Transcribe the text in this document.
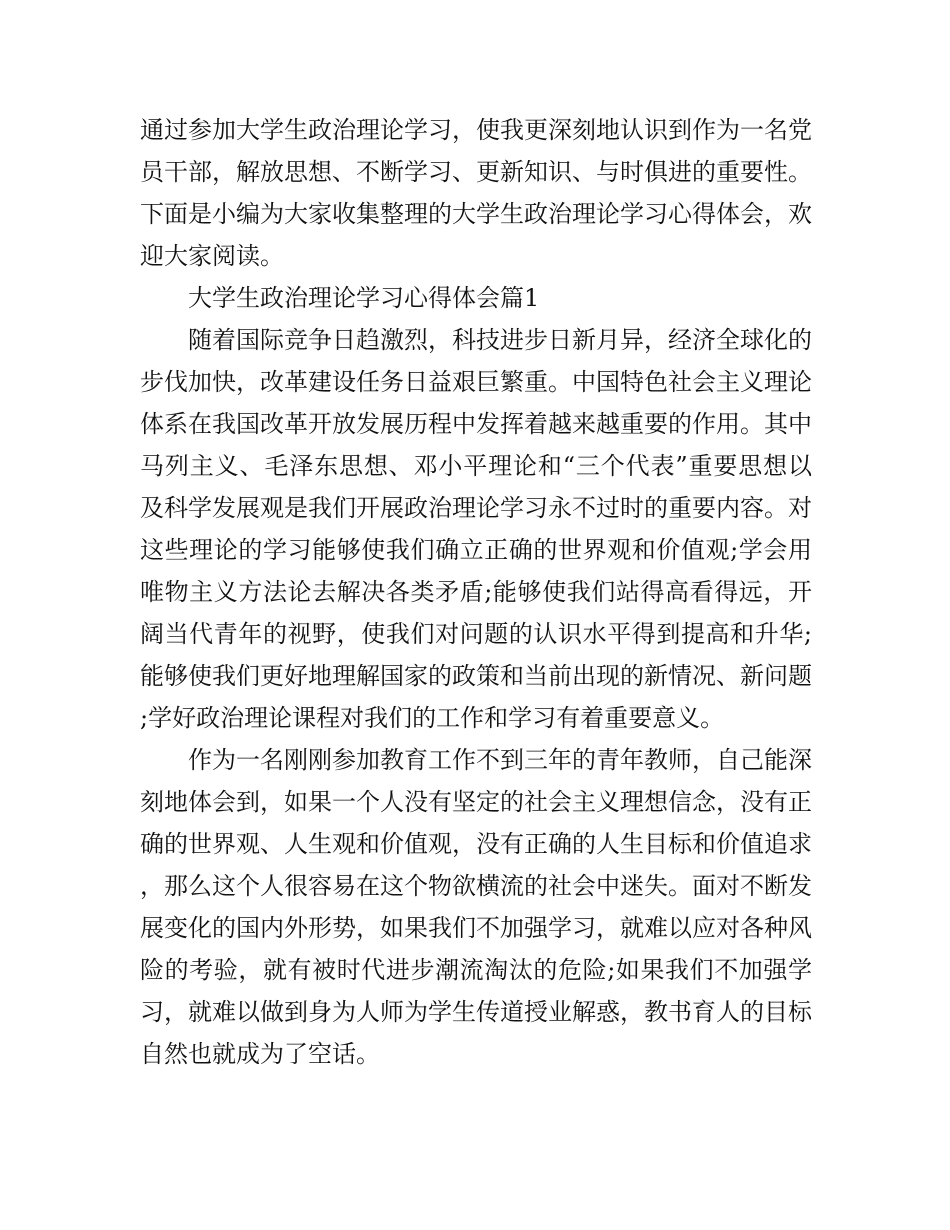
通过参加大学生政治理论学习，使我更深刻地认识到作为一名党员干部，解放思想、不断学习、更新知识、与时俱进的重要性。下面是小编为大家收集整理的大学生政治理论学习心得体会，欢迎大家阅读。

大学生政治理论学习心得体会篇1

随着国际竞争日趋激烈，科技进步日新月异，经济全球化的步伐加快，改革建设任务日益艰巨繁重。中国特色社会主义理论体系在我国改革开放发展历程中发挥着越来越重要的作用。其中马列主义、毛泽东思想、邓小平理论和“三个代表”重要思想以及科学发展观是我们开展政治理论学习永不过时的重要内容。对这些理论的学习能够使我们确立正确的世界观和价值观;学会用唯物主义方法论去解决各类矛盾;能够使我们站得高看得远，开阔当代青年的视野，使我们对问题的认识水平得到提高和升华;能够使我们更好地理解国家的政策和当前出现的新情况、新问题;学好政治理论课程对我们的工作和学习有着重要意义。

作为一名刚刚参加教育工作不到三年的青年教师，自己能深刻地体会到，如果一个人没有坚定的社会主义理想信念，没有正确的世界观、人生观和价值观，没有正确的人生目标和价值追求，那么这个人很容易在这个物欲横流的社会中迷失。面对不断发展变化的国内外形势，如果我们不加强学习，就难以应对各种风险的考验，就有被时代进步潮流淘汰的危险;如果我们不加强学习，就难以做到身为人师为学生传道授业解惑，教书育人的目标自然也就成为了空话。
